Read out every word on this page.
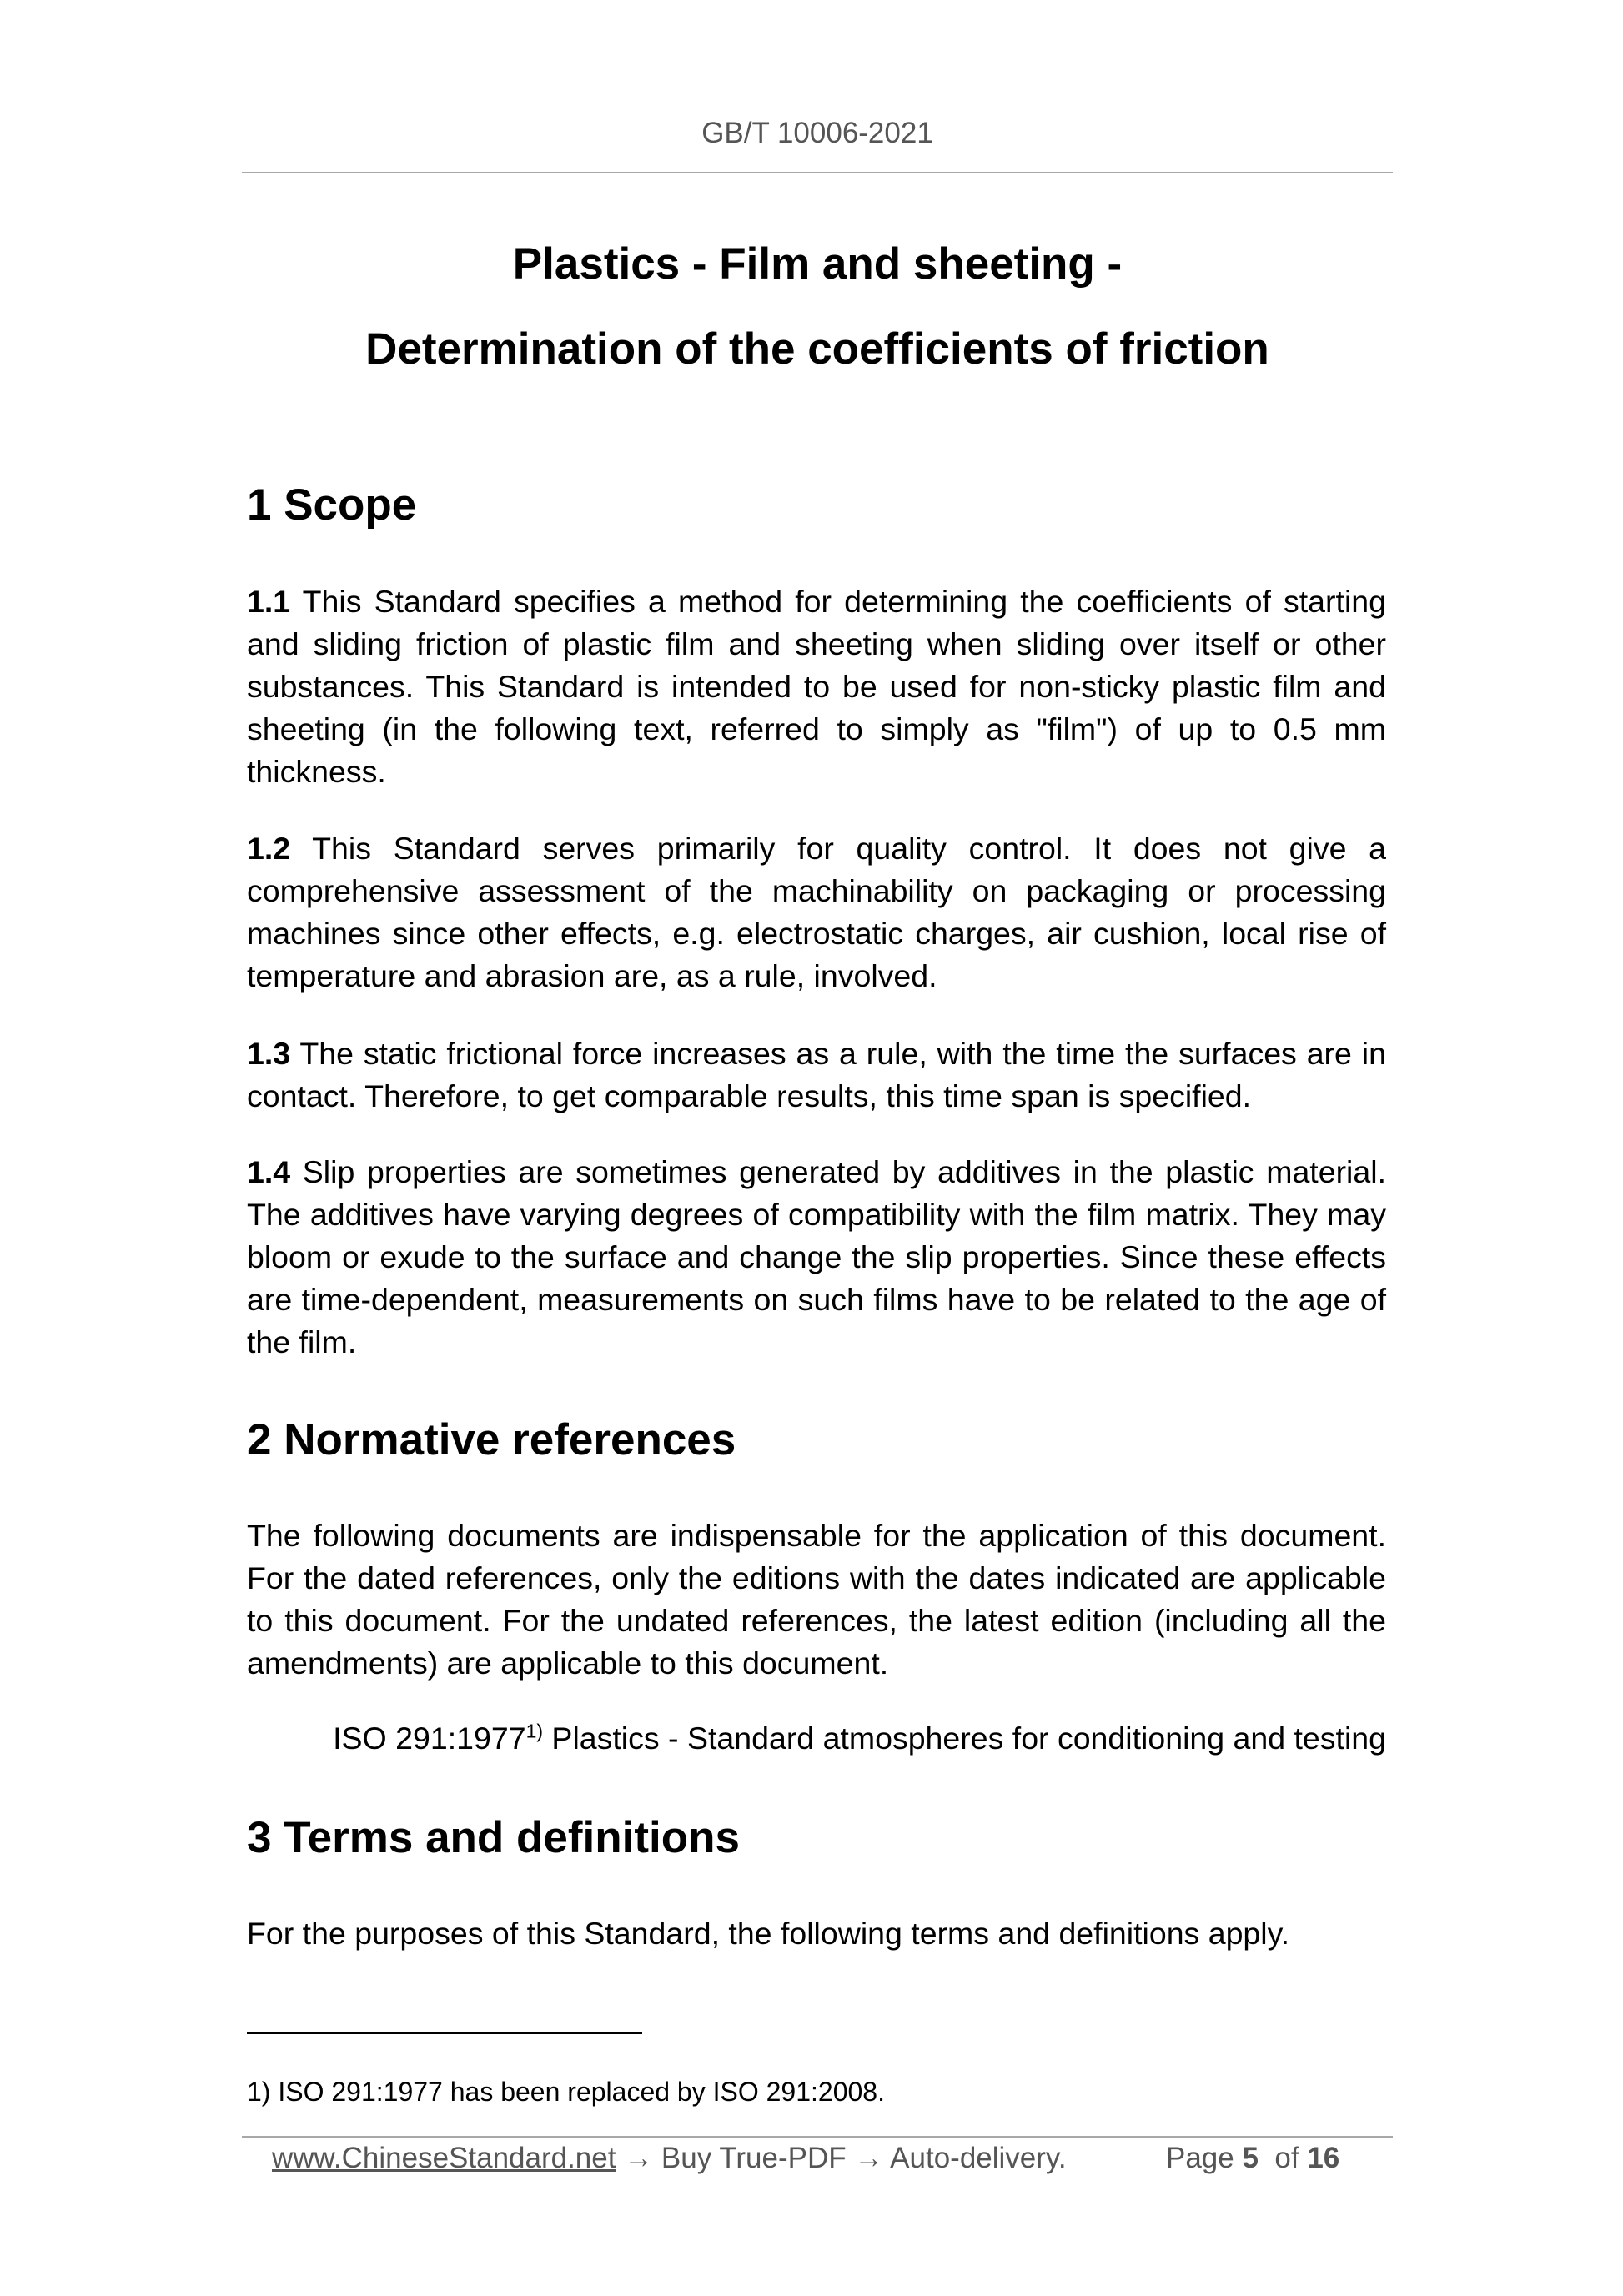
GB/T 10006-2021
Plastics - Film and sheeting -
Determination of the coefficients of friction
1 Scope
1.1 This Standard specifies a method for determining the coefficients of starting and sliding friction of plastic film and sheeting when sliding over itself or other substances. This Standard is intended to be used for non-sticky plastic film and sheeting (in the following text, referred to simply as "film") of up to 0.5 mm thickness.
1.2 This Standard serves primarily for quality control. It does not give a comprehensive assessment of the machinability on packaging or processing machines since other effects, e.g. electrostatic charges, air cushion, local rise of temperature and abrasion are, as a rule, involved.
1.3 The static frictional force increases as a rule, with the time the surfaces are in contact. Therefore, to get comparable results, this time span is specified.
1.4 Slip properties are sometimes generated by additives in the plastic material. The additives have varying degrees of compatibility with the film matrix. They may bloom or exude to the surface and change the slip properties. Since these effects are time-dependent, measurements on such films have to be related to the age of the film.
2 Normative references
The following documents are indispensable for the application of this document. For the dated references, only the editions with the dates indicated are applicable to this document. For the undated references, the latest edition (including all the amendments) are applicable to this document.
ISO 291:1977$^{1)}$ Plastics - Standard atmospheres for conditioning and testing
3 Terms and definitions
For the purposes of this Standard, the following terms and definitions apply.
1) ISO 291:1977 has been replaced by ISO 291:2008.
www.ChineseStandard.net → Buy True-PDF → Auto-delivery.	Page 5 of 16
